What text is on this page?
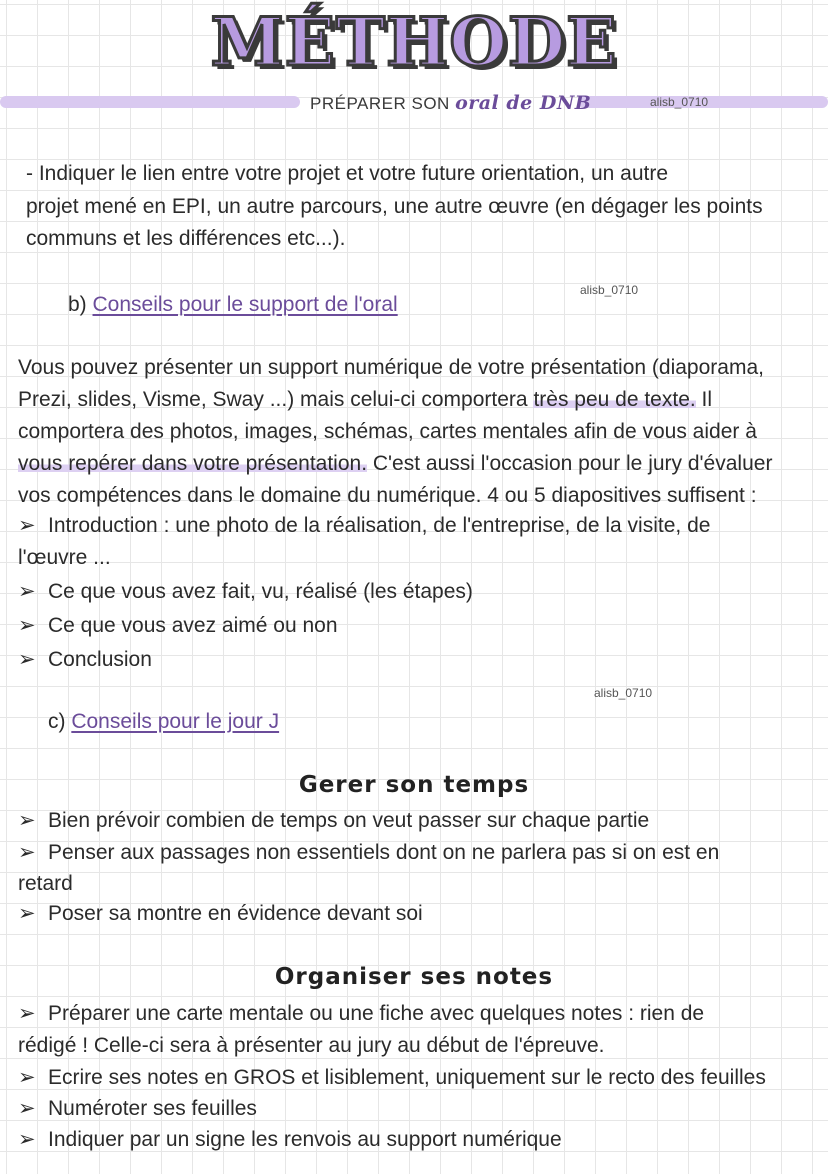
MÉTHODE
PRÉPARER SON oral de DNB	alisb_0710
- Indiquer le lien entre votre projet et votre future orientation, un autre
projet mené en EPI, un autre parcours, une autre œuvre (en dégager les points
communs et les différences etc...).
alisb_0710
b) Conseils pour le support de l'oral
Vous pouvez présenter un support numérique de votre présentation (diaporama,
Prezi, slides, Visme, Sway ...) mais celui-ci comportera très peu de texte. Il
comportera des photos, images, schémas, cartes mentales afin de vous aider à
vous repérer dans votre présentation. C'est aussi l'occasion pour le jury d'évaluer
vos compétences dans le domaine du numérique. 4 ou 5 diapositives suffisent :
➢ Introduction : une photo de la réalisation, de l'entreprise, de la visite, de
l'œuvre ...
➢ Ce que vous avez fait, vu, réalisé (les étapes)
➢ Ce que vous avez aimé ou non
➢ Conclusion
alisb_0710
c) Conseils pour le jour J
Gerer son temps
➢ Bien prévoir combien de temps on veut passer sur chaque partie
➢ Penser aux passages non essentiels dont on ne parlera pas si on est en
retard
➢ Poser sa montre en évidence devant soi
Organiser ses notes
➢ Préparer une carte mentale ou une fiche avec quelques notes : rien de
rédigé ! Celle-ci sera à présenter au jury au début de l'épreuve.
➢ Ecrire ses notes en GROS et lisiblement, uniquement sur le recto des feuilles
➢ Numéroter ses feuilles
➢ Indiquer par un signe les renvois au support numérique
